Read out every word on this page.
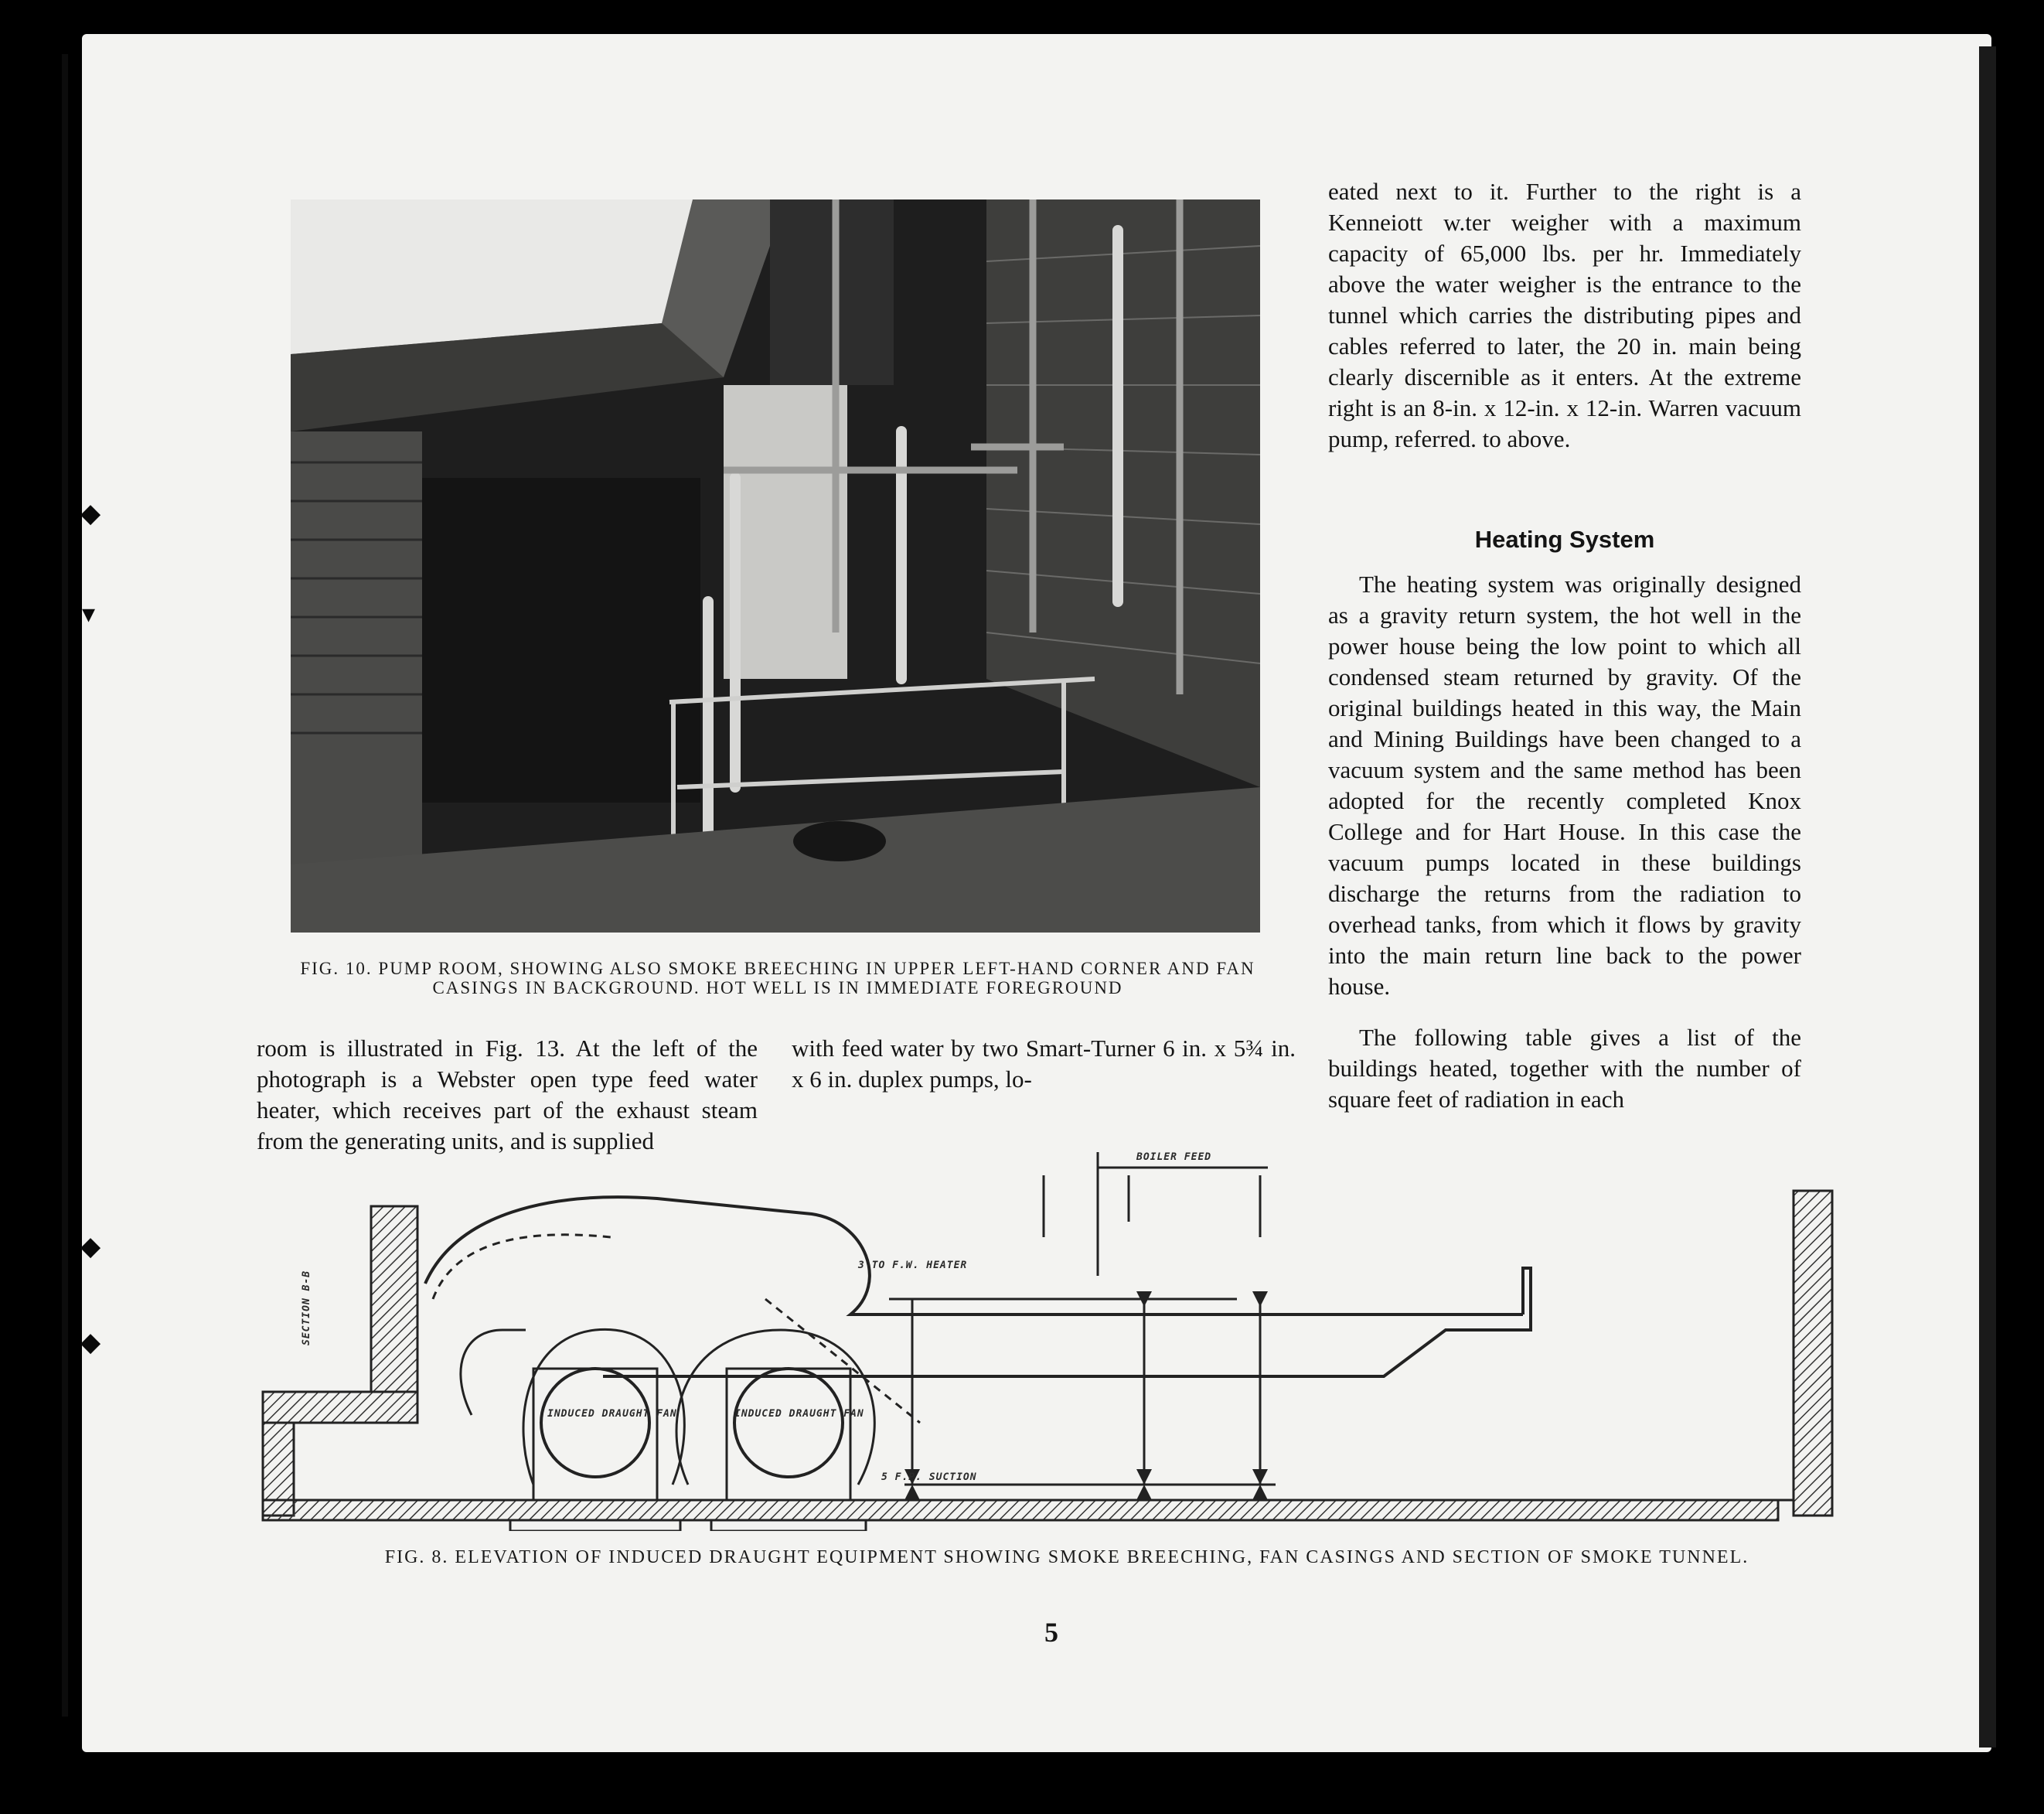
◆
▾
◆
◆
FIG. 10. PUMP ROOM, SHOWING ALSO SMOKE BREECHING IN UPPER LEFT-HAND CORNER AND FAN CASINGS IN BACKGROUND. HOT WELL IS IN IMMEDIATE FOREGROUND

eated next to it. Further to the right is a Kenneiott w.ter weigher with a maximum capacity of 65,000 lbs. per hr. Immediately above the water weigher is the entrance to the tunnel which carries the distributing pipes and cables referred to later, the 20 in. main being clearly discernible as it enters. At the extreme right is an 8-in. x 12-in. x 12-in. Warren vacuum pump, referred. to above.

Heating System

The heating system was originally designed as a gravity return system, the hot well in the power house being the low point to which all condensed steam returned by gravity. Of the original buildings heated in this way, the Main and Mining Buildings have been changed to a vacuum system and the same method has been adopted for the recently completed Knox College and for Hart House. In this case the vacuum pumps located in these buildings discharge the returns from the radiation to overhead tanks, from which it flows by gravity into the main return line back to the power house.

The following table gives a list of the buildings heated, together with the number of square feet of radiation in each

room is illustrated in Fig. 13. At the left of the photograph is a Webster open type feed water heater, which receives part of the exhaust steam from the generating units, and is supplied

with feed water by two Smart-Turner 6 in. x 5¾ in. x 6 in. duplex pumps, lo-

SECTION B-B
INDUCED DRAUGHT FAN	INDUCED DRAUGHT FAN
BOILER FEED
3 TO F.W. HEATER
5 F.P. SUCTION
FIG. 8. ELEVATION OF INDUCED DRAUGHT EQUIPMENT SHOWING SMOKE BREECHING, FAN CASINGS AND SECTION OF SMOKE TUNNEL.
5
